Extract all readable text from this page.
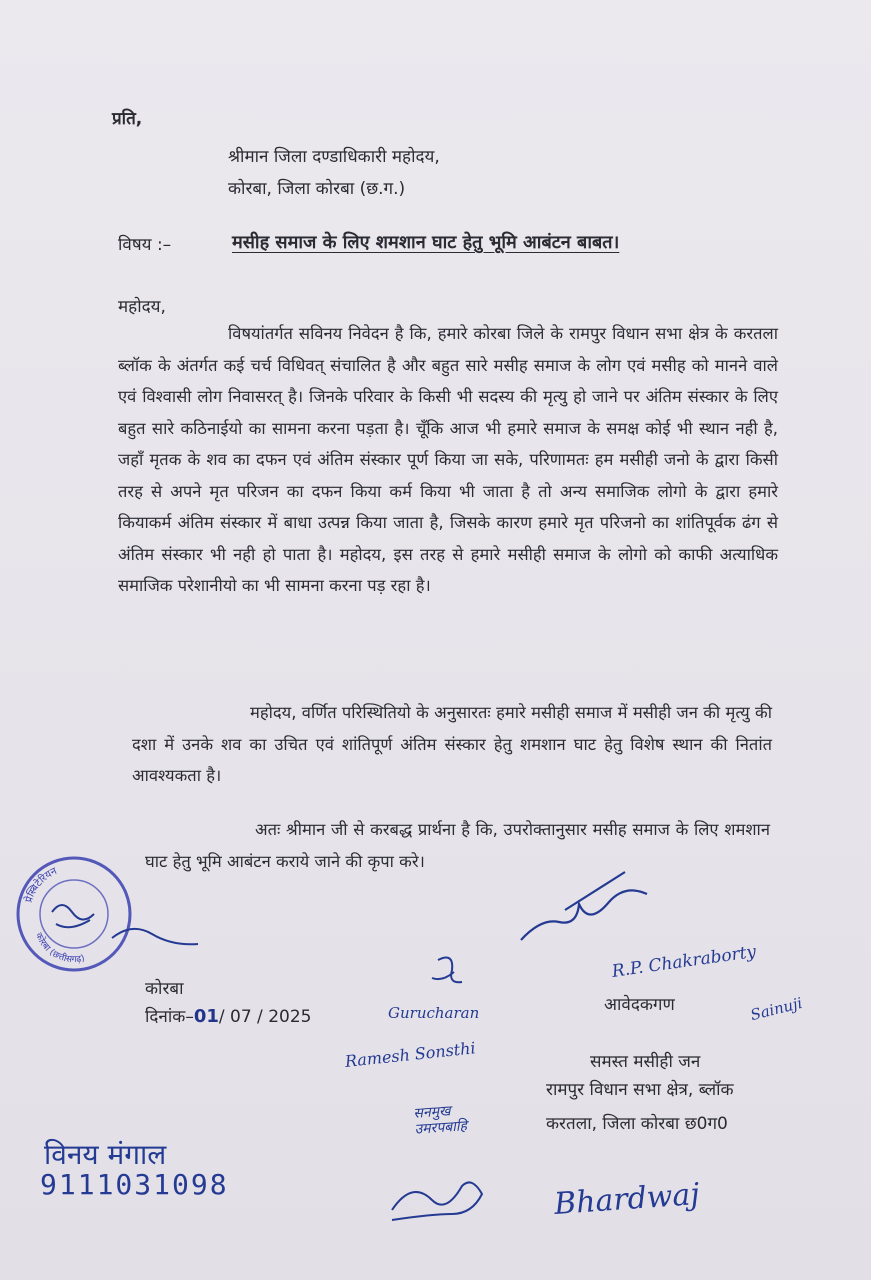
प्रति,
श्रीमान जिला दण्डाधिकारी महोदय,
कोरबा, जिला कोरबा (छ.ग.)
विषय :–	मसीह समाज के लिए शमशान घाट हेतु भूमि आबंटन बाबत।
महोदय,
विषयांतर्गत सविनय निवेदन है कि, हमारे कोरबा जिले के रामपुर विधान सभा क्षेत्र के करतला ब्लॉक के अंतर्गत कई चर्च विधिवत् संचालित है और बहुत सारे मसीह समाज के लोग एवं मसीह को मानने वाले एवं विश्वासी लोग निवासरत् है। जिनके परिवार के किसी भी सदस्य की मृत्यु हो जाने पर अंतिम संस्कार के लिए बहुत सारे कठिनाईयो का सामना करना पड़ता है। चूँकि आज भी हमारे समाज के समक्ष कोई भी स्थान नही है, जहाँ मृतक के शव का दफन एवं अंतिम संस्कार पूर्ण किया जा सके, परिणामतः हम मसीही जनो के द्वारा किसी तरह से अपने मृत परिजन का दफन किया कर्म किया भी जाता है तो अन्य समाजिक लोगो के द्वारा हमारे कियाकर्म अंतिम संस्कार में बाधा उत्पन्न किया जाता है, जिसके कारण हमारे मृत परिजनो का शांतिपूर्वक ढंग से अंतिम संस्कार भी नही हो पाता है। महोदय, इस तरह से हमारे मसीही समाज के लोगो को काफी अत्याधिक समाजिक परेशानीयो का भी सामना करना पड़ रहा है।
महोदय, वर्णित परिस्थितियो के अनुसारतः हमारे मसीही समाज में मसीही जन की मृत्यु की दशा में उनके शव का उचित एवं शांतिपूर्ण अंतिम संस्कार हेतु शमशान घाट हेतु विशेष स्थान की नितांत आवश्यकता है।
अतः श्रीमान जी से करबद्ध प्रार्थना है कि, उपरोक्तानुसार मसीह समाज के लिए शमशान घाट हेतु भूमि आबंटन कराये जाने की कृपा करे।
प्रेस्बिटेरियन
कोरबा (छत्तीसगढ़)
कोरबा
दिनांक–01/ 07 / 2025
R.P. Chakraborty
Gurucharan	आवेदकगण	Sainuji
Ramesh Sonsthi	समस्त मसीही जन
रामपुर विधान सभा क्षेत्र, ब्लॉक
करतला, जिला कोरबा छ0ग0
सनमुख
उमरपबाहि
विनय मंगाल
9111031098	Bhardwaj
